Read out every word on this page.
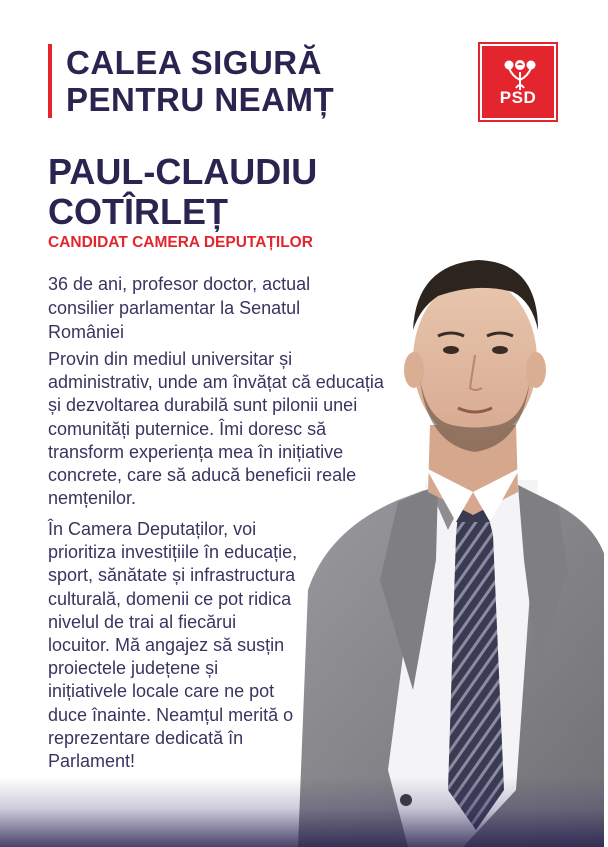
CALEA SIGURĂ
PENTRU NEAMȚ	PSD
PAUL-CLAUDIU
COTÎRLEȚ
CANDIDAT CAMERA DEPUTAȚILOR
36 de ani, profesor doctor, actual consilier parlamentar la Senatul României
Provin din mediul universitar și administrativ, unde am învățat că educația și dezvoltarea durabilă sunt pilonii unei comunități puternice. Îmi doresc să transform experiența mea în inițiative concrete, care să aducă beneficii reale nemțenilor.
În Camera Deputaților, voi prioritiza investițiile în educație, sport, sănătate și infrastructura culturală, domenii ce pot ridica nivelul de trai al fiecărui locuitor. Mă angajez să susțin proiectele județene și inițiativele locale care ne pot duce înainte. Neamțul merită o reprezentare dedicată în Parlament!
